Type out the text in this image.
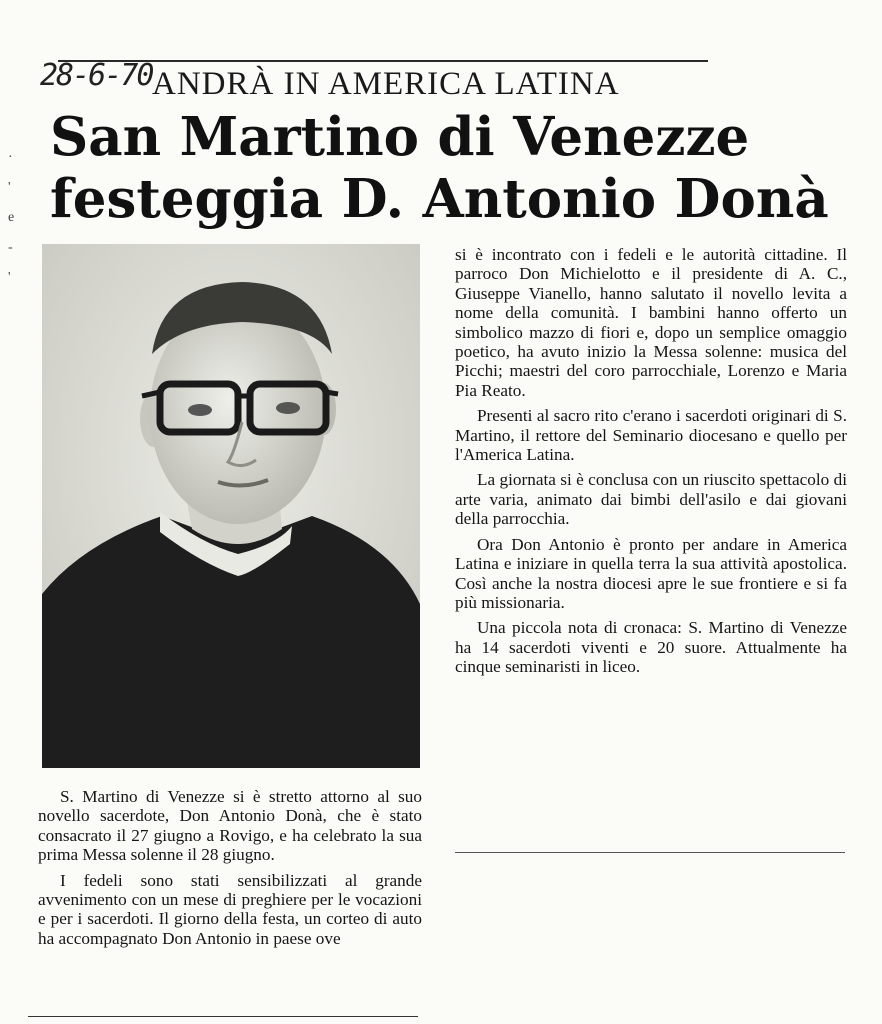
·
'
e
-
'
28-6-70 ANDRÀ IN AMERICA LATINA
San Martino di Venezze
festeggia D. Antonio Donà

S. Martino di Venezze si è stretto attorno al suo novello sacerdote, Don Antonio Donà, che è stato consacrato il 27 giugno a Rovigo, e ha celebrato la sua prima Messa solenne il 28 giugno.

I fedeli sono stati sensibilizzati al grande avvenimento con un mese di preghiere per le vocazioni e per i sacerdoti. Il giorno della festa, un corteo di auto ha accompagnato Don Antonio in paese ove

si è incontrato con i fedeli e le autorità cittadine. Il parroco Don Michielotto e il presidente di A. C., Giuseppe Vianello, hanno salutato il novello levita a nome della comunità. I bambini hanno offerto un simbolico mazzo di fiori e, dopo un semplice omaggio poetico, ha avuto inizio la Messa solenne: musica del Picchi; maestri del coro parrocchiale, Lorenzo e Maria Pia Reato.

Presenti al sacro rito c'erano i sacerdoti originari di S. Martino, il rettore del Seminario diocesano e quello per l'America Latina.

La giornata si è conclusa con un riuscito spettacolo di arte varia, animato dai bimbi dell'asilo e dai giovani della parrocchia.

Ora Don Antonio è pronto per andare in America Latina e iniziare in quella terra la sua attività apostolica. Così anche la nostra diocesi apre le sue frontiere e si fa più missionaria.

Una piccola nota di cronaca: S. Martino di Venezze ha 14 sacerdoti viventi e 20 suore. Attualmente ha cinque seminaristi in liceo.
